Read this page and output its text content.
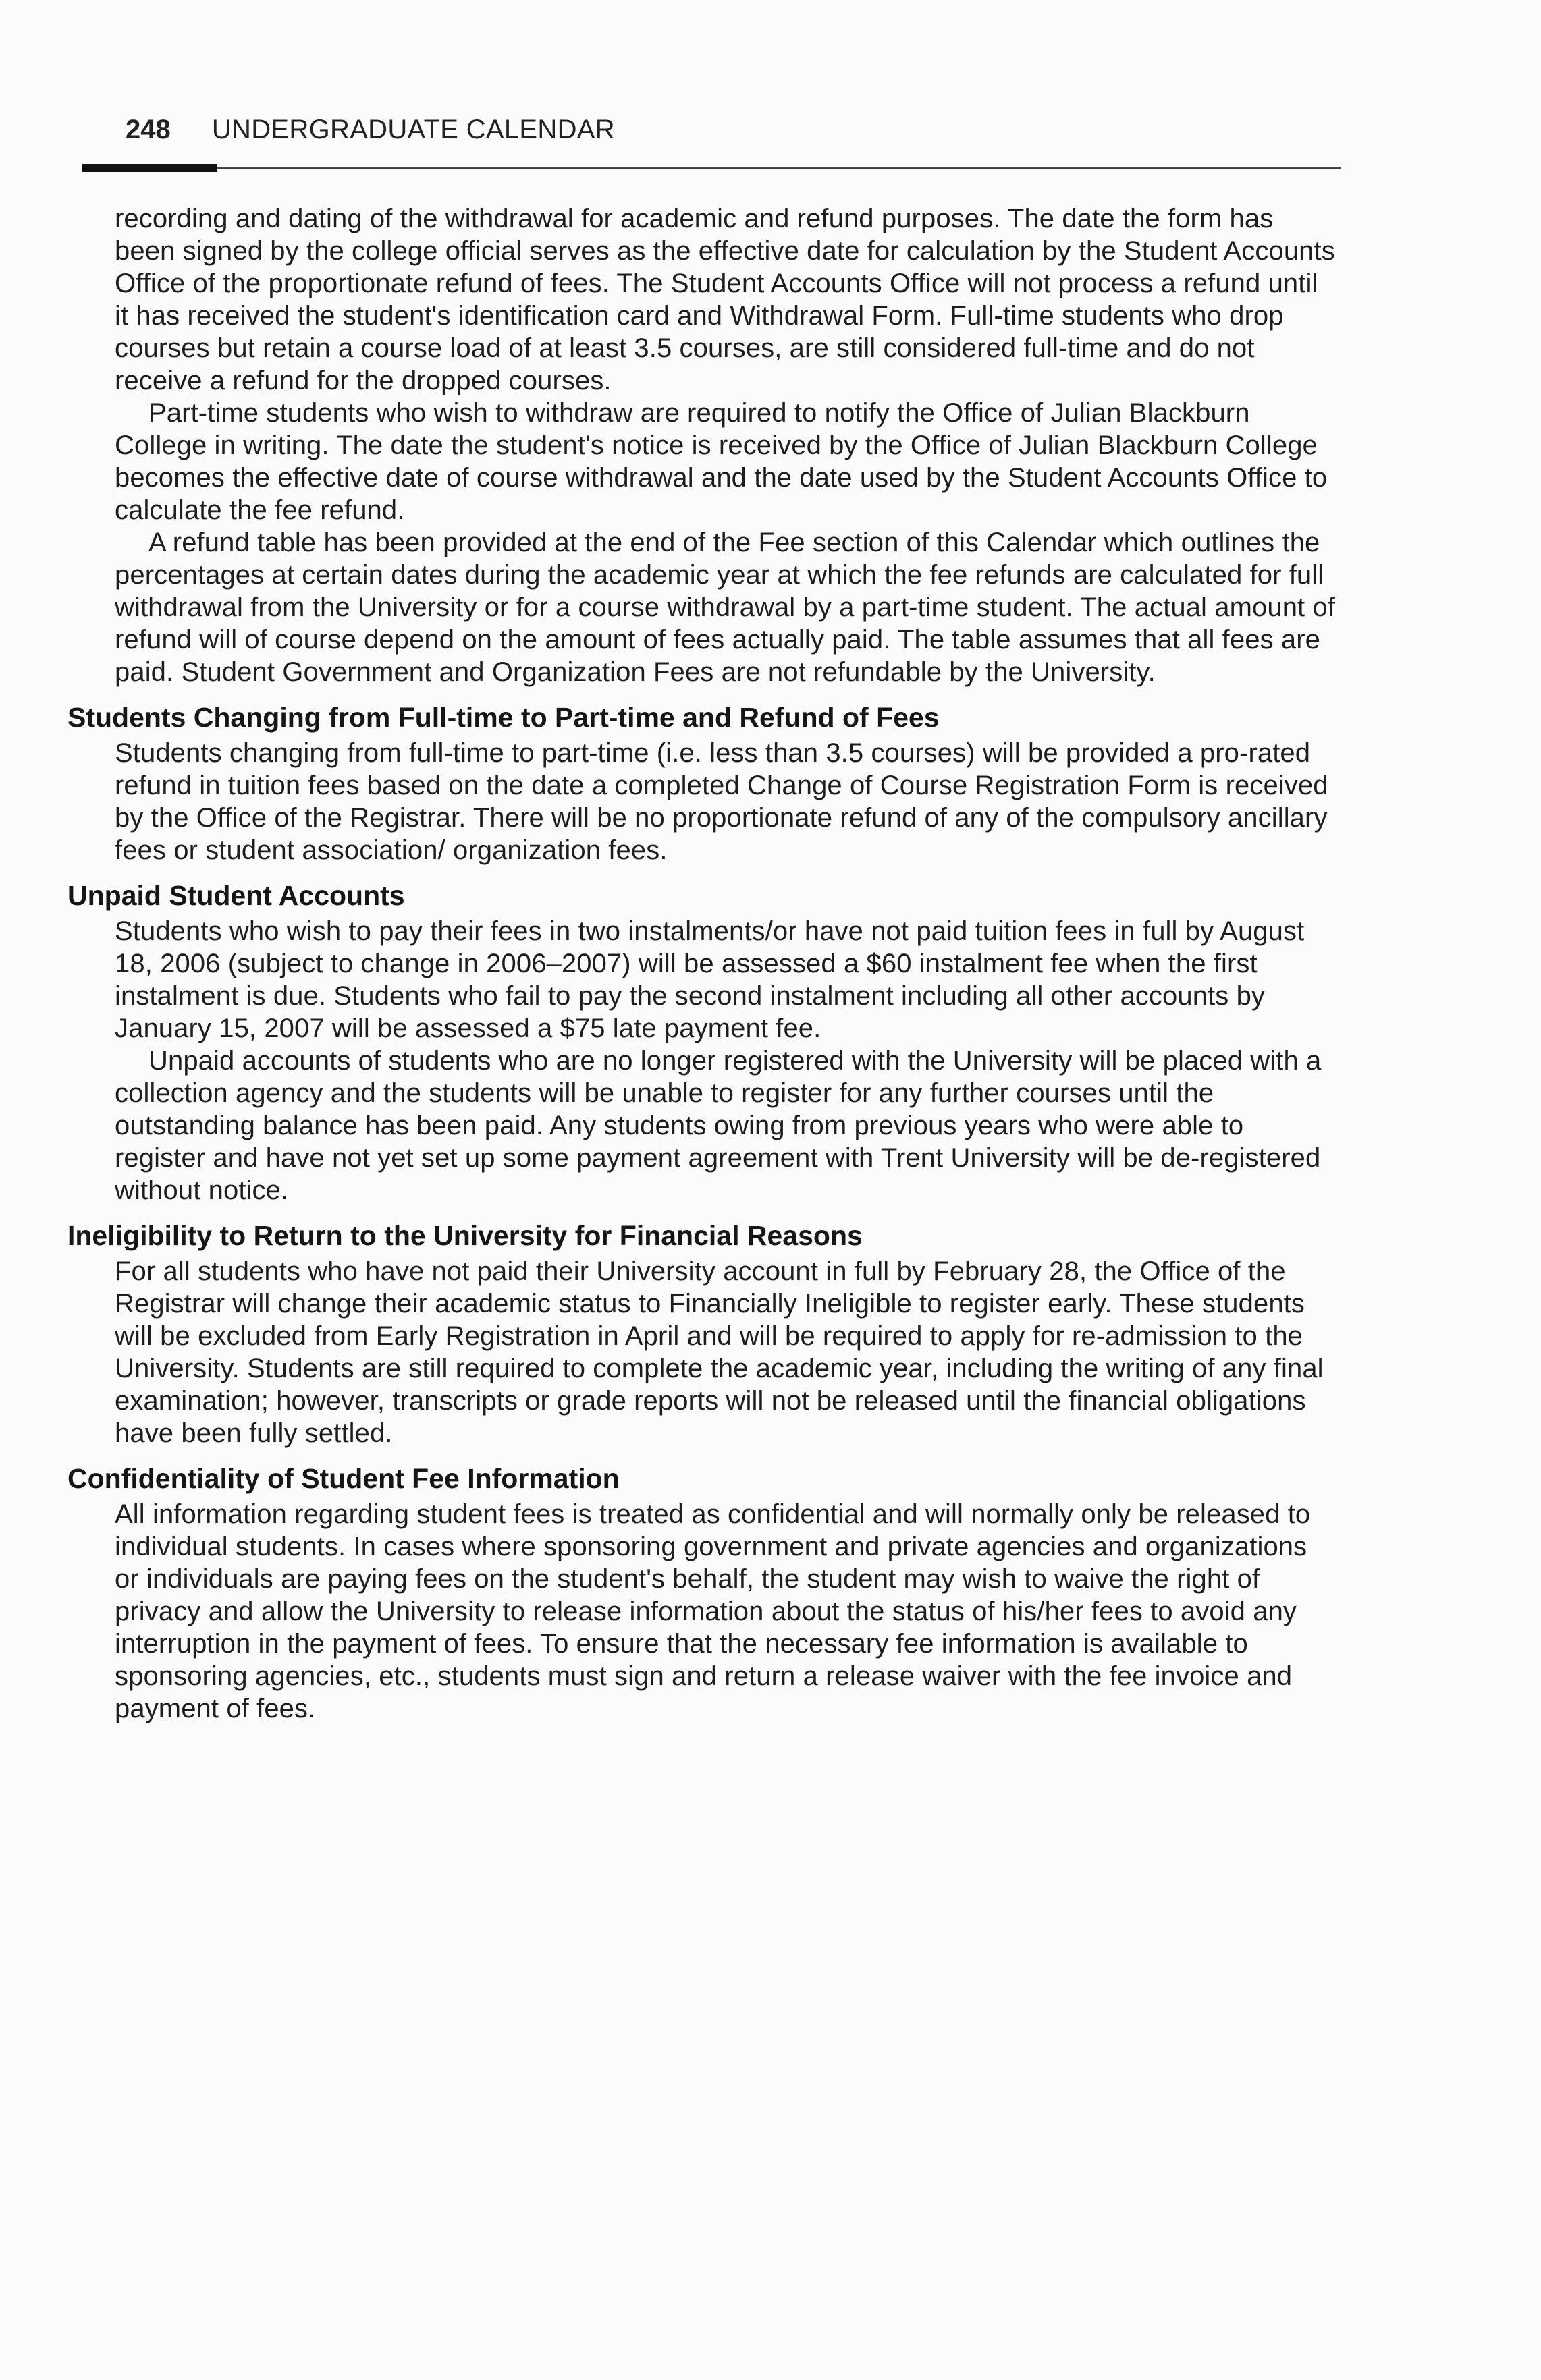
248 UNDERGRADUATE CALENDAR

recording and dating of the withdrawal for academic and refund purposes. The date the form has been signed by the college official serves as the effective date for calculation by the Student Accounts Office of the proportionate refund of fees. The Student Accounts Office will not process a refund until it has received the student's identification card and Withdrawal Form. Full-time students who drop courses but retain a course load of at least 3.5 courses, are still considered full-time and do not receive a refund for the dropped courses.

Part-time students who wish to withdraw are required to notify the Office of Julian Blackburn College in writing. The date the student's notice is received by the Office of Julian Blackburn College becomes the effective date of course withdrawal and the date used by the Student Accounts Office to calculate the fee refund.

A refund table has been provided at the end of the Fee section of this Calendar which outlines the percentages at certain dates during the academic year at which the fee refunds are calculated for full withdrawal from the University or for a course withdrawal by a part-time student. The actual amount of refund will of course depend on the amount of fees actually paid. The table assumes that all fees are paid. Student Government and Organization Fees are not refundable by the University.

Students Changing from Full-time to Part-time and Refund of Fees

Students changing from full-time to part-time (i.e. less than 3.5 courses) will be provided a pro-rated refund in tuition fees based on the date a completed Change of Course Registration Form is received by the Office of the Registrar. There will be no proportionate refund of any of the compulsory ancillary fees or student association/ organization fees.

Unpaid Student Accounts

Students who wish to pay their fees in two instalments/or have not paid tuition fees in full by August 18, 2006 (subject to change in 2006–2007) will be assessed a $60 instalment fee when the first instalment is due. Students who fail to pay the second instalment including all other accounts by January 15, 2007 will be assessed a $75 late payment fee.

Unpaid accounts of students who are no longer registered with the University will be placed with a collection agency and the students will be unable to register for any further courses until the outstanding balance has been paid. Any students owing from previous years who were able to register and have not yet set up some payment agreement with Trent University will be de-registered without notice.

Ineligibility to Return to the University for Financial Reasons

For all students who have not paid their University account in full by February 28, the Office of the Registrar will change their academic status to Financially Ineligible to register early. These students will be excluded from Early Registration in April and will be required to apply for re-admission to the University. Students are still required to complete the academic year, including the writing of any final examination; however, transcripts or grade reports will not be released until the financial obligations have been fully settled.

Confidentiality of Student Fee Information

All information regarding student fees is treated as confidential and will normally only be released to individual students. In cases where sponsoring government and private agencies and organizations or individuals are paying fees on the student's behalf, the student may wish to waive the right of privacy and allow the University to release information about the status of his/her fees to avoid any interruption in the payment of fees. To ensure that the necessary fee information is available to sponsoring agencies, etc., students must sign and return a release waiver with the fee invoice and payment of fees.
